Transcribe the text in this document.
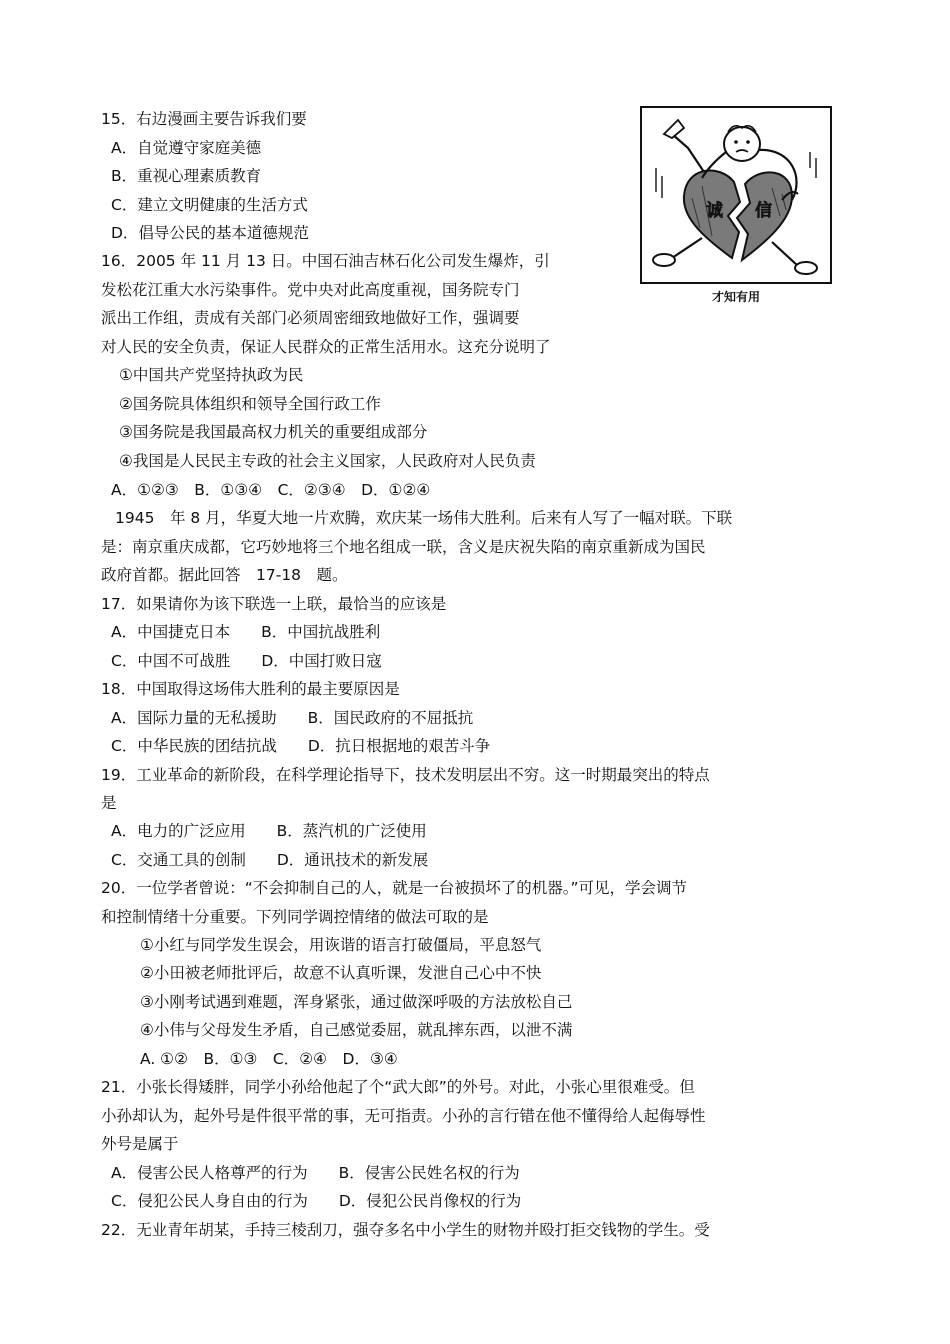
15．右边漫画主要告诉我们要
A．自觉遵守家庭美德
B．重视心理素质教育
C．建立文明健康的生活方式
D．倡导公民的基本道德规范
16．2005 年 11 月 13 日。中国石油吉林石化公司发生爆炸，引
发松花江重大水污染事件。党中央对此高度重视，国务院专门
派出工作组，责成有关部门必须周密细致地做好工作，强调要
对人民的安全负责，保证人民群众的正常生活用水。这充分说明了
①中国共产党坚持执政为民
②国务院具体组织和领导全国行政工作
③国务院是我国最高权力机关的重要组成部分
④我国是人民民主专政的社会主义国家，人民政府对人民负责
A．①②③　B．①③④　C．②③④　D．①②④
1945　年 8 月，华夏大地一片欢腾，欢庆某一场伟大胜利。后来有人写了一幅对联。下联
是：南京重庆成都，它巧妙地将三个地名组成一联，含义是庆祝失陷的南京重新成为国民
政府首都。据此回答　17-18　题。
17．如果请你为该下联选一上联，最恰当的应该是
A．中国捷克日本　　B．中国抗战胜利
C．中国不可战胜　　D．中国打败日寇
18．中国取得这场伟大胜利的最主要原因是
A．国际力量的无私援助　　B．国民政府的不屈抵抗
C．中华民族的团结抗战　　D．抗日根据地的艰苦斗争
19．工业革命的新阶段，在科学理论指导下，技术发明层出不穷。这一时期最突出的特点
是
A．电力的广泛应用　　B．蒸汽机的广泛使用
C．交通工具的创制　　D．通讯技术的新发展
20．一位学者曾说：“不会抑制自己的人，就是一台被损坏了的机器。”可见，学会调节
和控制情绪十分重要。下列同学调控情绪的做法可取的是
①小红与同学发生误会，用诙谐的语言打破僵局，平息怒气
②小田被老师批评后，故意不认真听课，发泄自己心中不快
③小刚考试遇到难题，浑身紧张，通过做深呼吸的方法放松自己
④小伟与父母发生矛盾，自己感觉委屈，就乱摔东西，以泄不满
A. ①②　B．①③　C．②④　D．③④
21．小张长得矮胖，同学小孙给他起了个“武大郎”的外号。对此，小张心里很难受。但
小孙却认为，起外号是件很平常的事，无可指责。小孙的言行错在他不懂得给人起侮辱性
外号是属于
A．侵害公民人格尊严的行为　　B．侵害公民姓名权的行为
C．侵犯公民人身自由的行为　　D．侵犯公民肖像权的行为
22．无业青年胡某，手持三棱刮刀，强夺多名中小学生的财物并殴打拒交钱物的学生。受
诚 信
才知有用
